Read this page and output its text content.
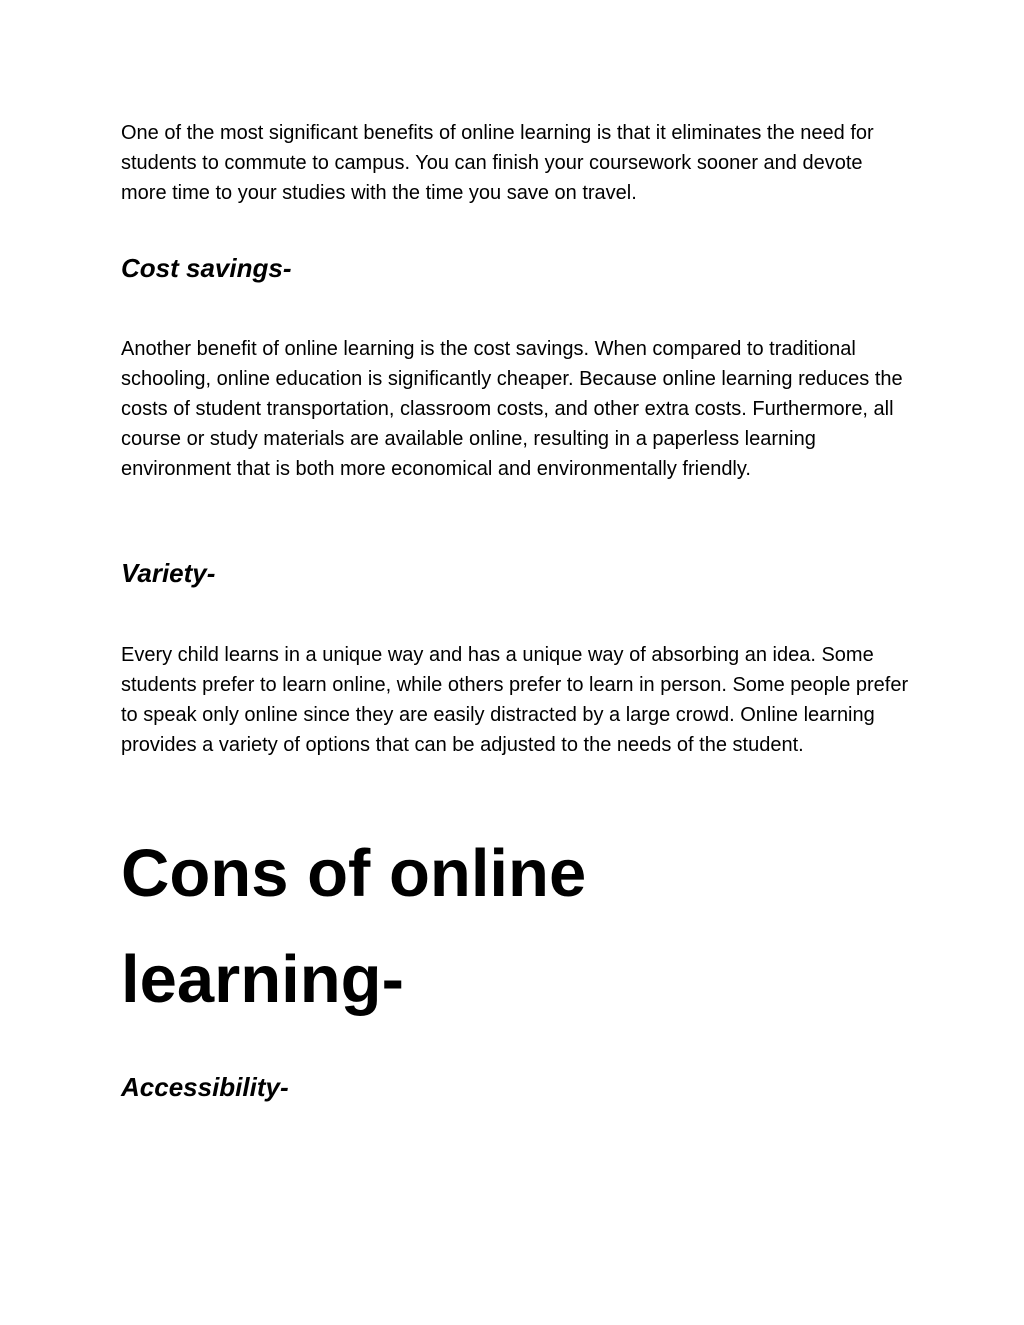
One of the most significant benefits of online learning is that it eliminates the need for students to commute to campus. You can finish your coursework sooner and devote more time to your studies with the time you save on travel.

Cost savings-

Another benefit of online learning is the cost savings. When compared to traditional schooling, online education is significantly cheaper. Because online learning reduces the costs of student transportation, classroom costs, and other extra costs. Furthermore, all course or study materials are available online, resulting in a paperless learning environment that is both more economical and environmentally friendly.

Variety-

Every child learns in a unique way and has a unique way of absorbing an idea. Some students prefer to learn online, while others prefer to learn in person. Some people prefer to speak only online since they are easily distracted by a large crowd. Online learning provides a variety of options that can be adjusted to the needs of the student.

Cons of online learning-
Accessibility-
